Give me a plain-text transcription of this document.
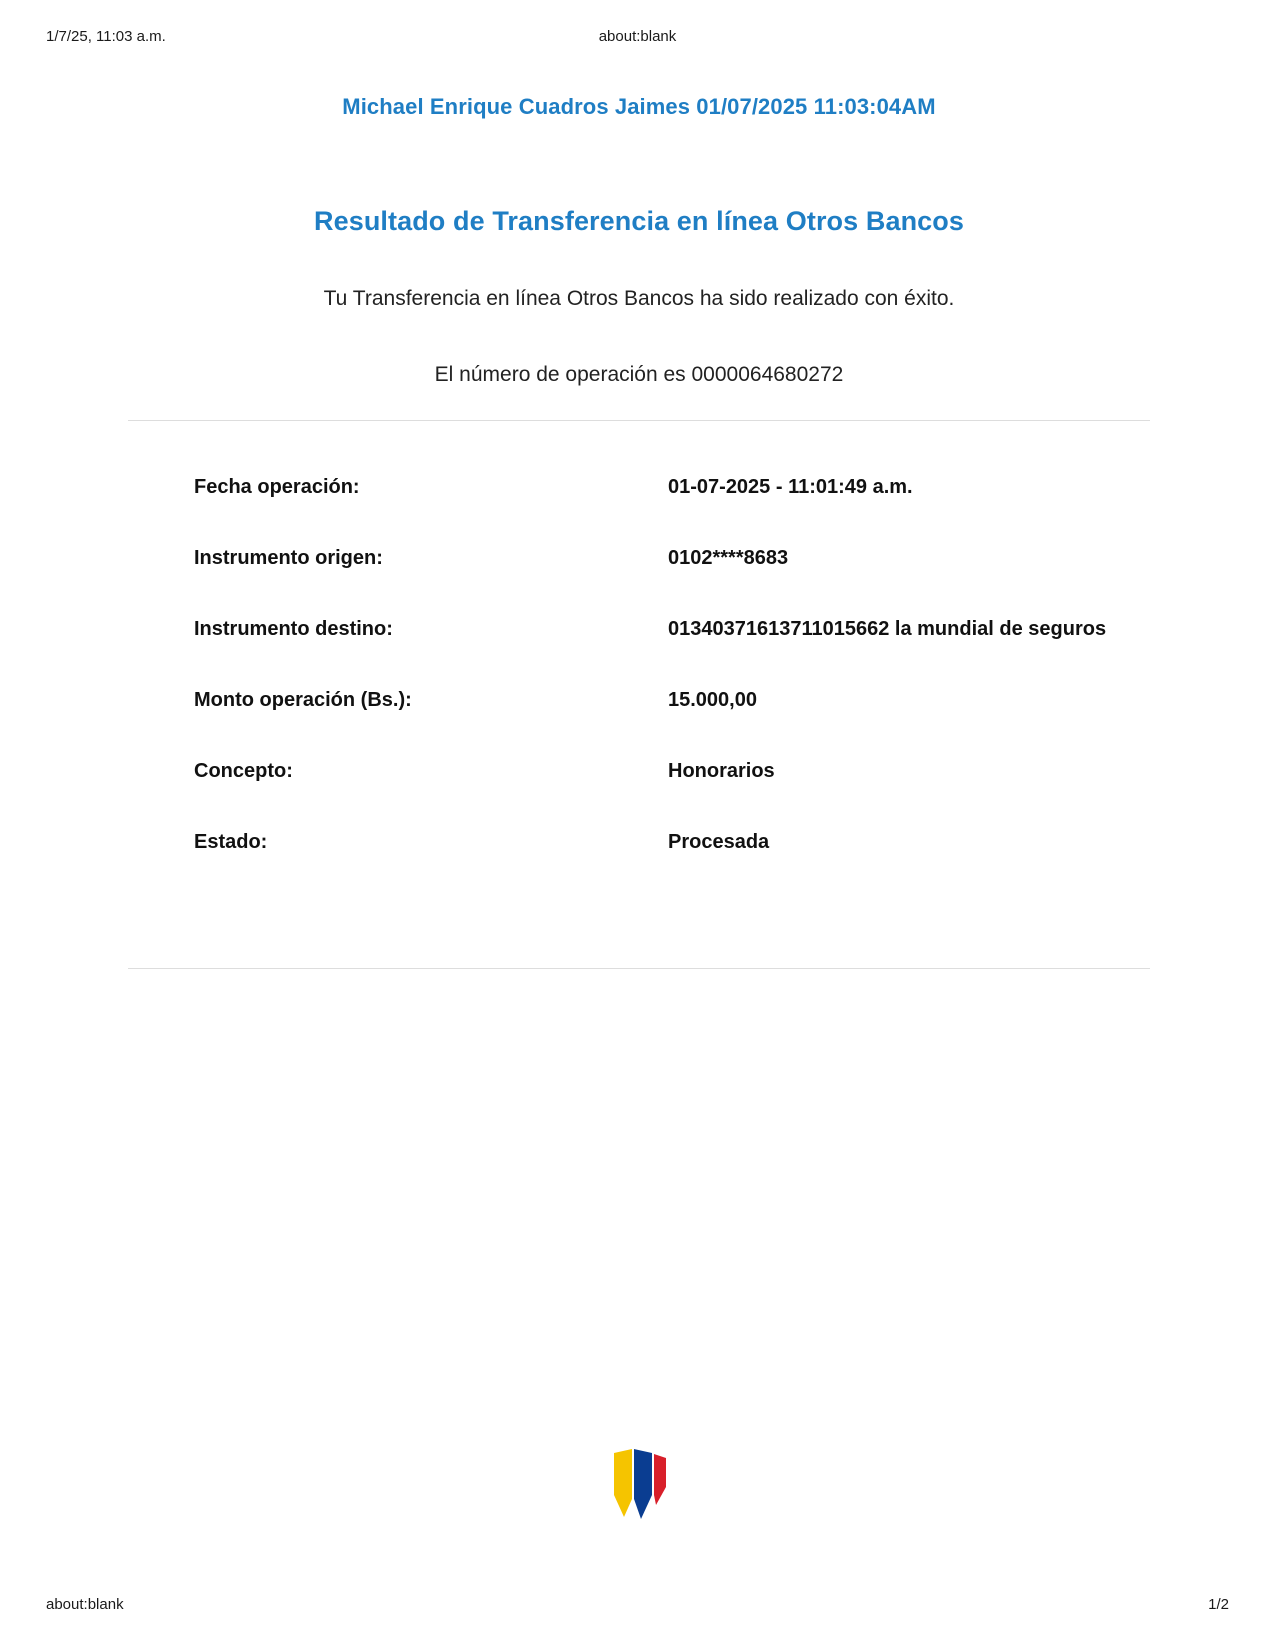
1/7/25, 11:03 a.m.	about:blank
Michael Enrique Cuadros Jaimes 01/07/2025 11:03:04AM
Resultado de Transferencia en línea Otros Bancos
Tu Transferencia en línea Otros Bancos ha sido realizado con éxito.
El número de operación es 0000064680272
Fecha operación:	01-07-2025 - 11:01:49 a.m.
Instrumento origen:	0102****8683
Instrumento destino:	01340371613711015662 la mundial de seguros
Monto operación (Bs.):	15.000,00
Concepto:	Honorarios
Estado:	Procesada
about:blank	1/2
